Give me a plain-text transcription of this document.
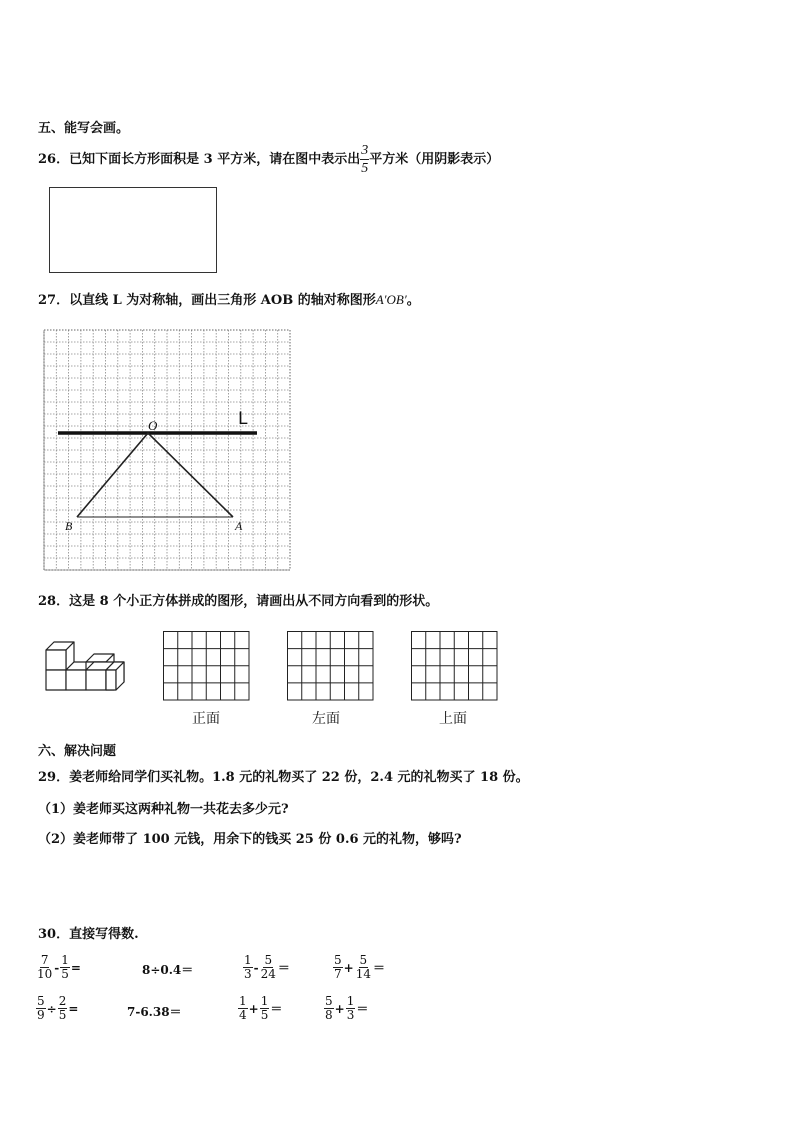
五、能写会画。
26．已知下面长方形面积是 3 平方米，请在图中表示出 $\frac{3}{5}$ 平方米（用阴影表示）
27．以直线 L 为对称轴，画出三角形 AOB 的轴对称图形A′OB′。
L
O
A
B
28．这是 8 个小正方体拼成的图形，请画出从不同方向看到的形状。
正面	左面	上面
六、解决问题
29．姜老师给同学们买礼物。1.8 元的礼物买了 22 份，2.4 元的礼物买了 18 份。
（1）姜老师买这两种礼物一共花去多少元?
（2）姜老师带了 100 元钱，用余下的钱买 25 份 0.6 元的礼物，够吗?
30．直接写得数.
$\frac{7}{10} - \frac{1}{5}$ =	8÷0.4＝	$\frac{1}{3} - \frac{5}{24}$ ＝	$\frac{5}{7} + \frac{5}{14}$ ＝
$\frac{5}{9} \div \frac{2}{5}$ =	7-6.38＝	$\frac{1}{4} + \frac{1}{5}$ ＝	$\frac{5}{8} + \frac{1}{3}$ ＝
